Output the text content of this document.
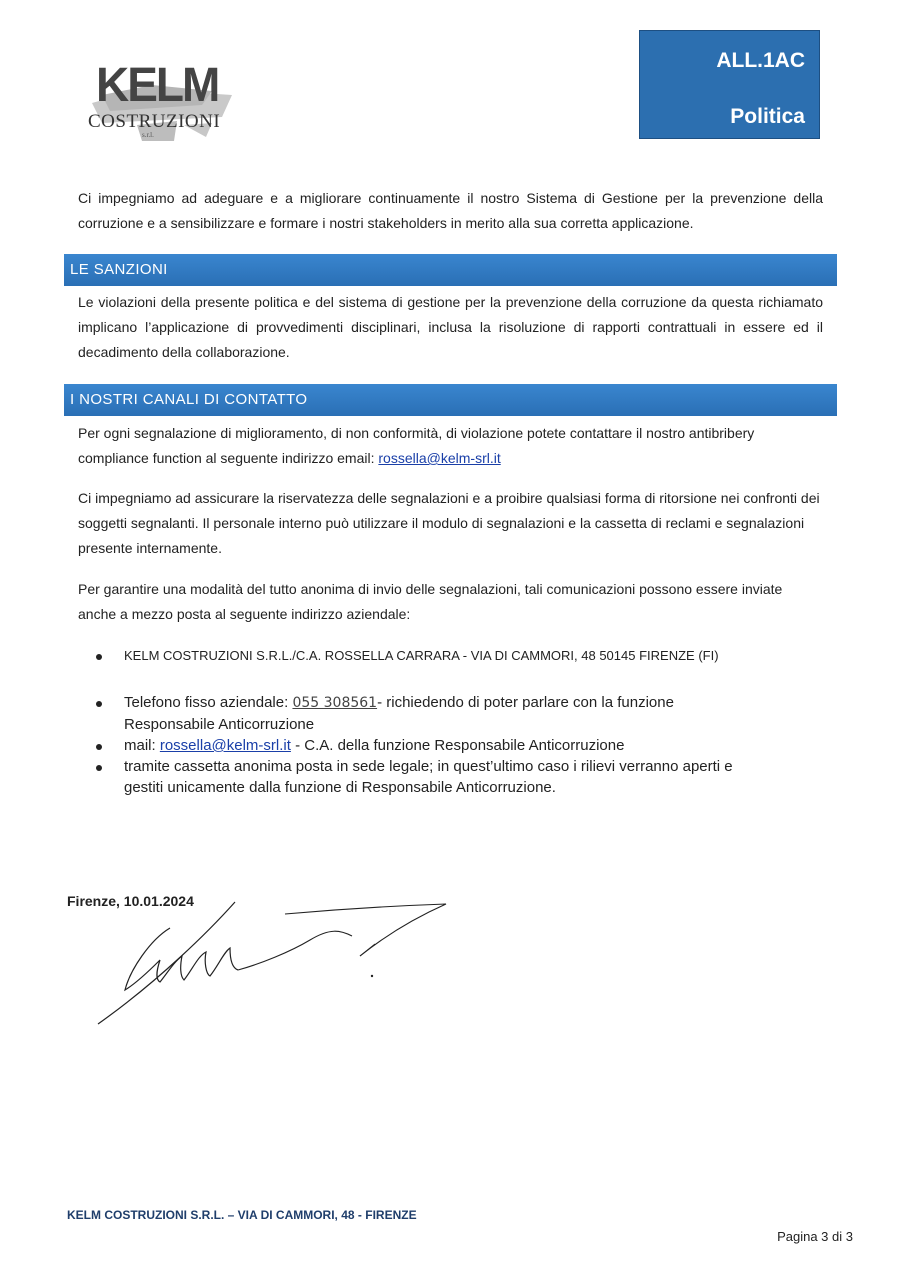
KELM
COSTRUZIONI
s.r.l.
ALL.1AC
Politica
Ci impegniamo ad adeguare e a migliorare continuamente il nostro Sistema di Gestione per la prevenzione della corruzione e a sensibilizzare e formare i nostri stakeholders in merito alla sua corretta applicazione.
LE SANZIONI
Le violazioni della presente politica e del sistema di gestione per la prevenzione della corruzione da questa richiamato implicano l’applicazione di provvedimenti disciplinari, inclusa la risoluzione di rapporti contrattuali in essere ed il decadimento della collaborazione.
I NOSTRI CANALI DI CONTATTO
Per ogni segnalazione di miglioramento, di non conformità, di violazione potete contattare il nostro antibribery compliance function al seguente indirizzo email: rossella@kelm-srl.it
Ci impegniamo ad assicurare la riservatezza delle segnalazioni e a proibire qualsiasi forma di ritorsione nei confronti dei soggetti segnalanti. Il personale interno può utilizzare il modulo di segnalazioni e la cassetta di reclami e segnalazioni presente internamente.
Per garantire una modalità del tutto anonima di invio delle segnalazioni, tali comunicazioni possono essere inviate anche a mezzo posta al seguente indirizzo aziendale:
KELM COSTRUZIONI S.R.L./C.A. ROSSELLA CARRARA - VIA DI CAMMORI, 48 50145 FIRENZE (FI)
Telefono fisso aziendale: 055 308561- richiedendo di poter parlare con la funzione Responsabile Anticorruzione
mail: rossella@kelm-srl.it - C.A. della funzione Responsabile Anticorruzione
tramite cassetta anonima posta in sede legale; in quest’ultimo caso i rilievi verranno aperti e gestiti unicamente dalla funzione di Responsabile Anticorruzione.
Firenze, 10.01.2024
KELM COSTRUZIONI S.R.L. – VIA DI CAMMORI, 48 - FIRENZE
Pagina 3 di 3
